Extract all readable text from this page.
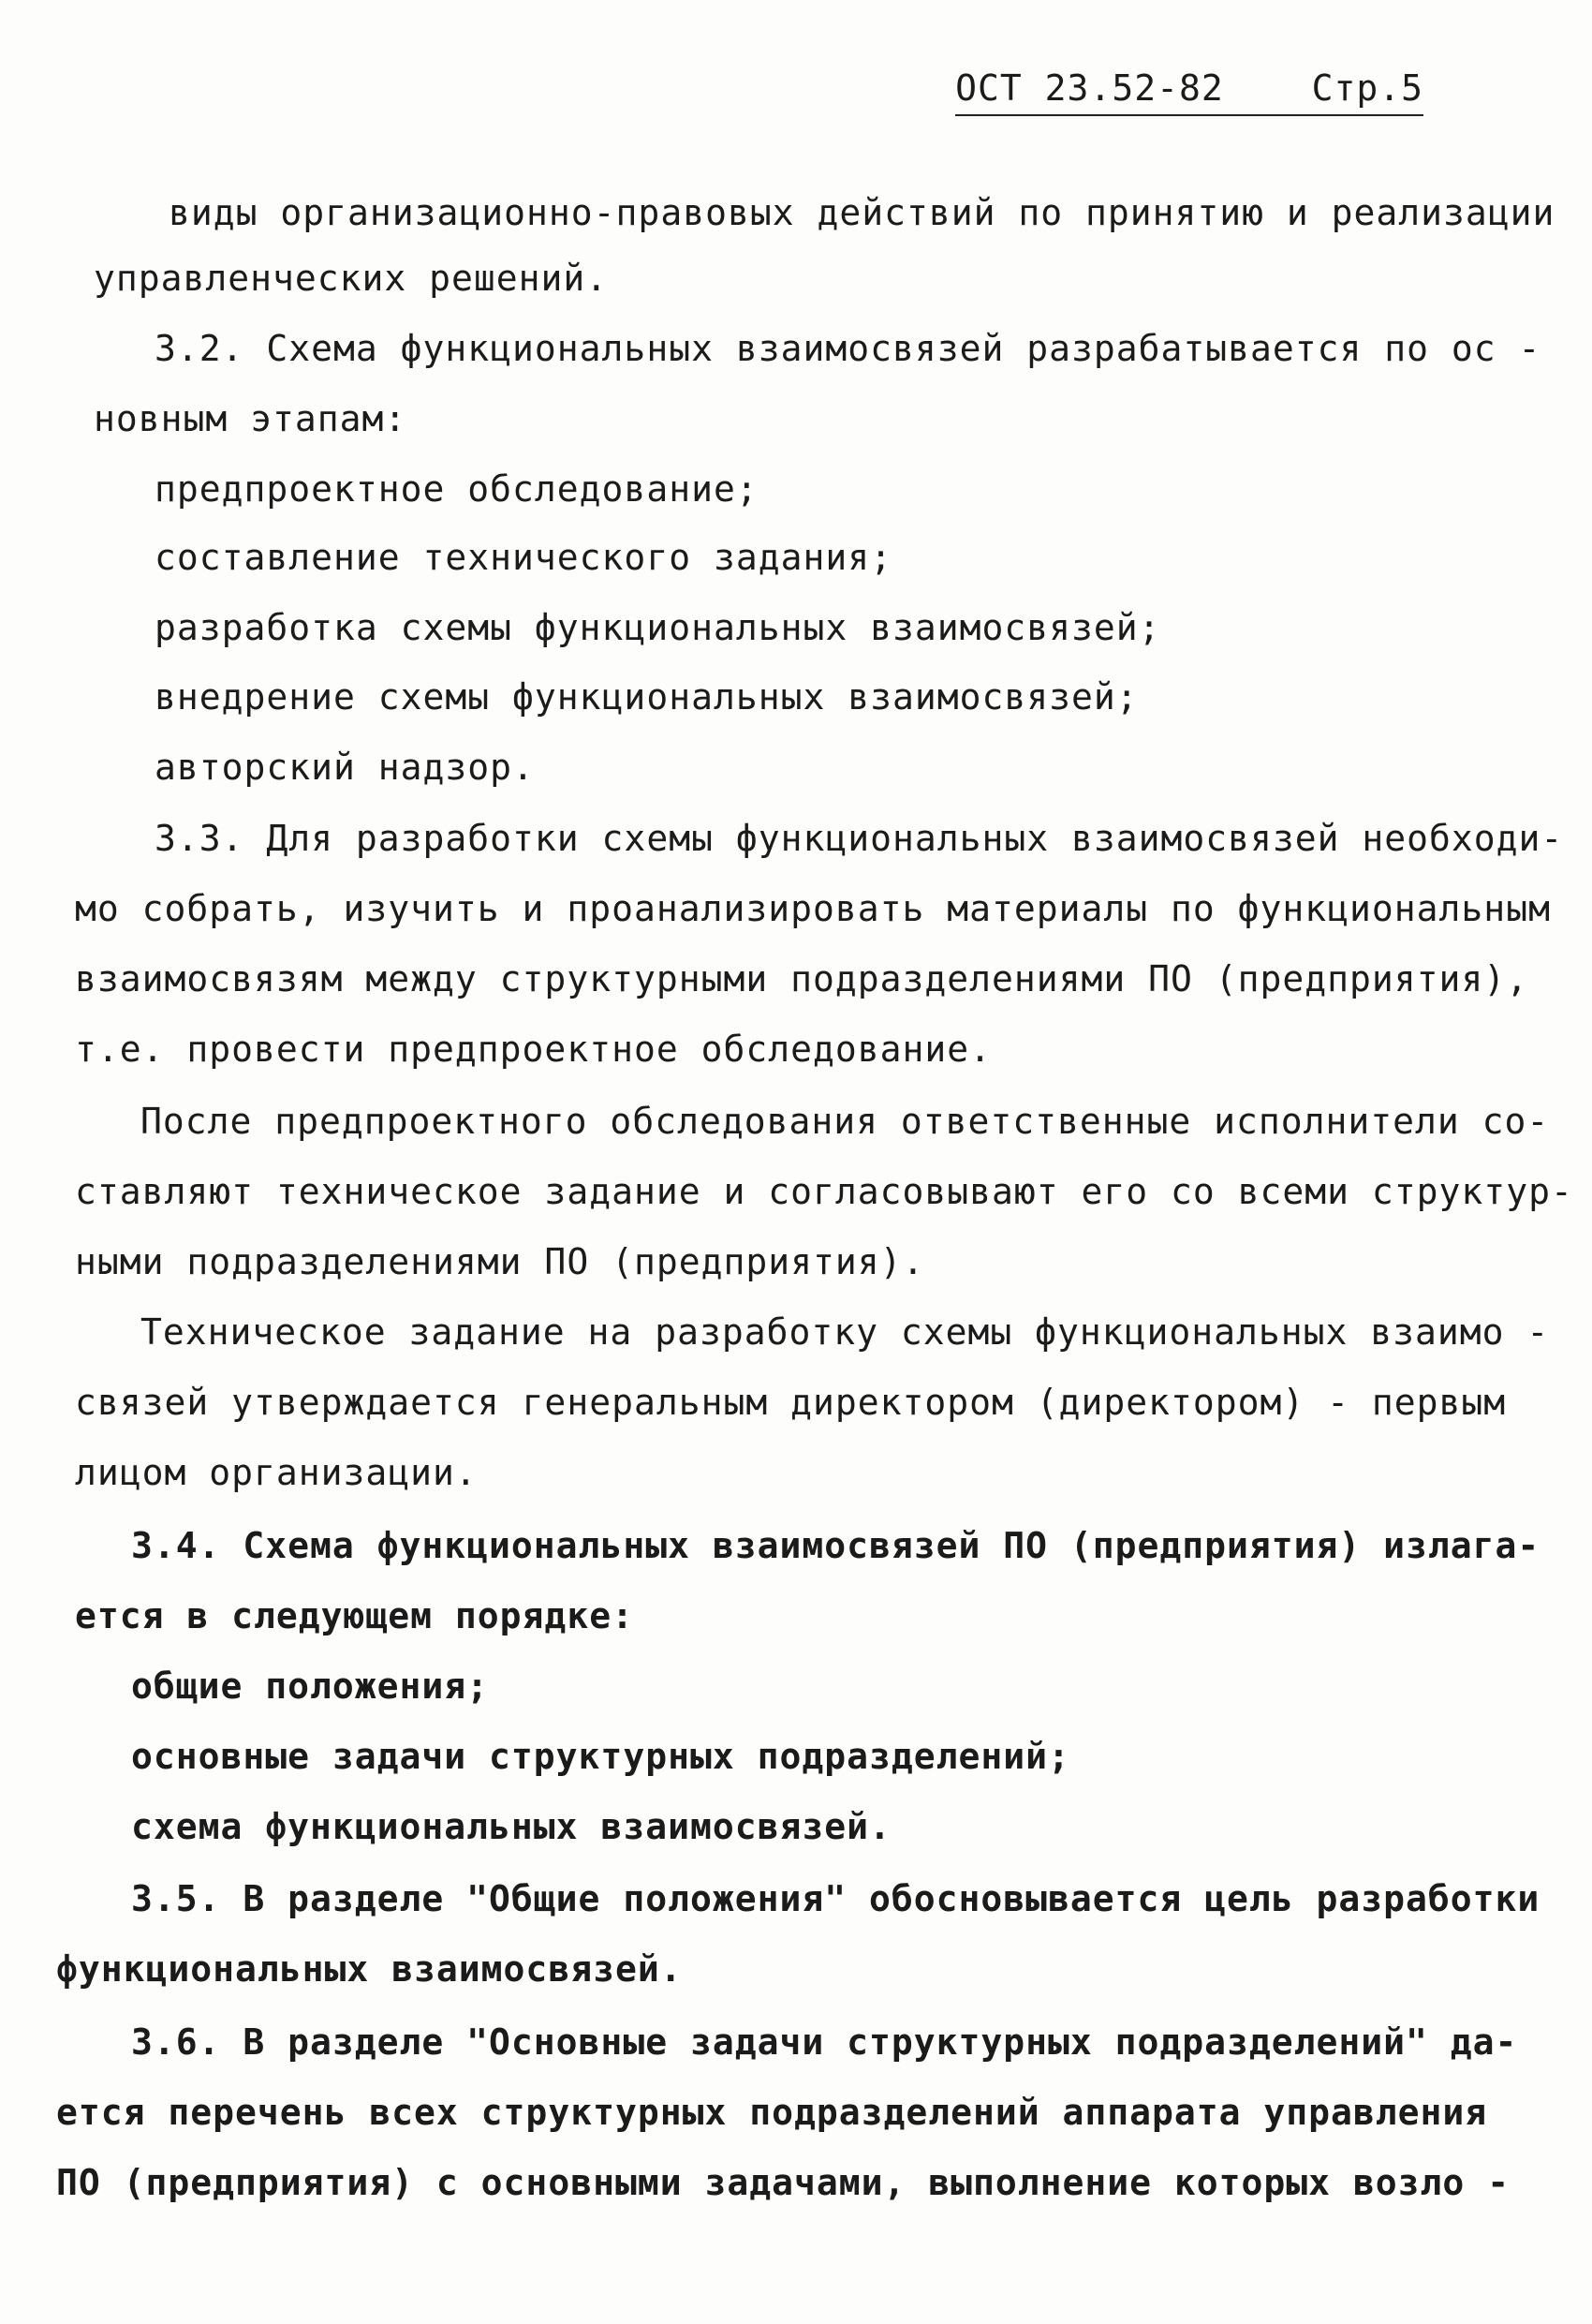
ОСТ 23.52-82 Стр.5
виды организационно-правовых действий по принятию и реализации
управленческих решений.
3.2. Схема функциональных взаимосвязей разрабатывается по ос -
новным этапам:
предпроектное обследование;
составление технического задания;
разработка схемы функциональных взаимосвязей;
внедрение схемы функциональных взаимосвязей;
авторский надзор.
3.3. Для разработки схемы функциональных взаимосвязей необходи-
мо собрать, изучить и проанализировать материалы по функциональным
взаимосвязям между структурными подразделениями ПО (предприятия),
т.е. провести предпроектное обследование.
После предпроектного обследования ответственные исполнители со-
ставляют техническое задание и согласовывают его со всеми структур-
ными подразделениями ПО (предприятия).
Техническое задание на разработку схемы функциональных взаимо -
связей утверждается генеральным директором (директором) - первым
лицом организации.
3.4. Схема функциональных взаимосвязей ПО (предприятия) излага-
ется в следующем порядке:
общие положения;
основные задачи структурных подразделений;
схема функциональных взаимосвязей.
3.5. В разделе "Общие положения" обосновывается цель разработки
функциональных взаимосвязей.
3.6. В разделе "Основные задачи структурных подразделений" да-
ется перечень всех структурных подразделений аппарата управления
ПО (предприятия) с основными задачами, выполнение которых возло -
